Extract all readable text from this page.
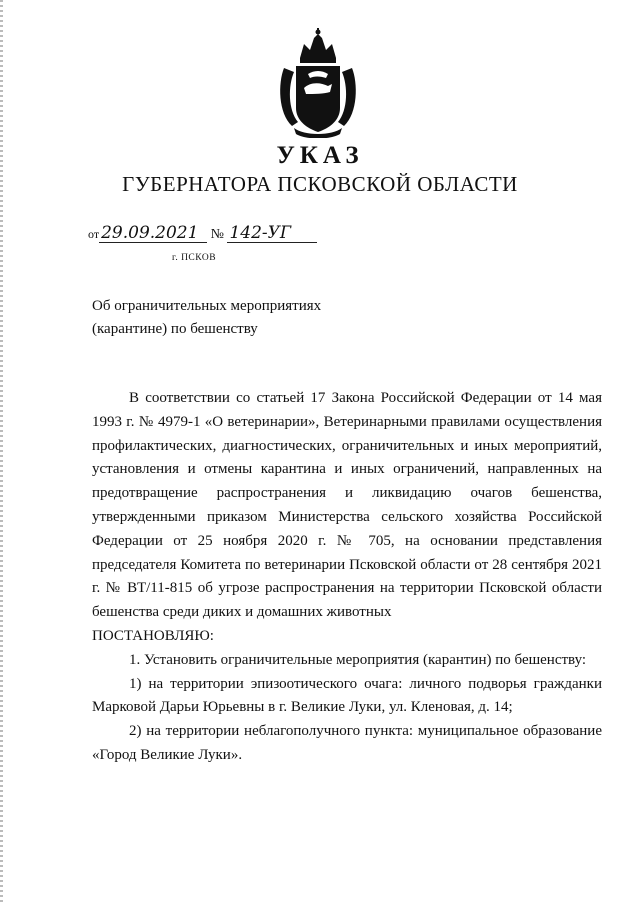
УКАЗ
ГУБЕРНАТОРА ПСКОВСКОЙ ОБЛАСТИ
от 29.09.2021 № 142-УГ
г. ПСКОВ
Об ограничительных мероприятиях
(карантине) по бешенству

В соответствии со статьей 17 Закона Российской Федерации от 14 мая 1993 г. № 4979-1 «О ветеринарии», Ветеринарными правилами осуществления профилактических, диагностических, ограничительных и иных мероприятий, установления и отмены карантина и иных ограничений, направленных на предотвращение распространения и ликвидацию очагов бешенства, утвержденными приказом Министерства сельского хозяйства Российской Федерации от 25 ноября 2020 г. № 705, на основании представления председателя Комитета по ветеринарии Псковской области от 28 сентября 2021 г. № ВТ/11-815 об угрозе распространения на территории Псковской области бешенства среди диких и домашних животных

ПОСТАНОВЛЯЮ:

1. Установить ограничительные мероприятия (карантин) по бешенству:

1) на территории эпизоотического очага: личного подворья гражданки Марковой Дарьи Юрьевны в г. Великие Луки, ул. Кленовая, д. 14;

2) на территории неблагополучного пункта: муниципальное образование «Город Великие Луки».
